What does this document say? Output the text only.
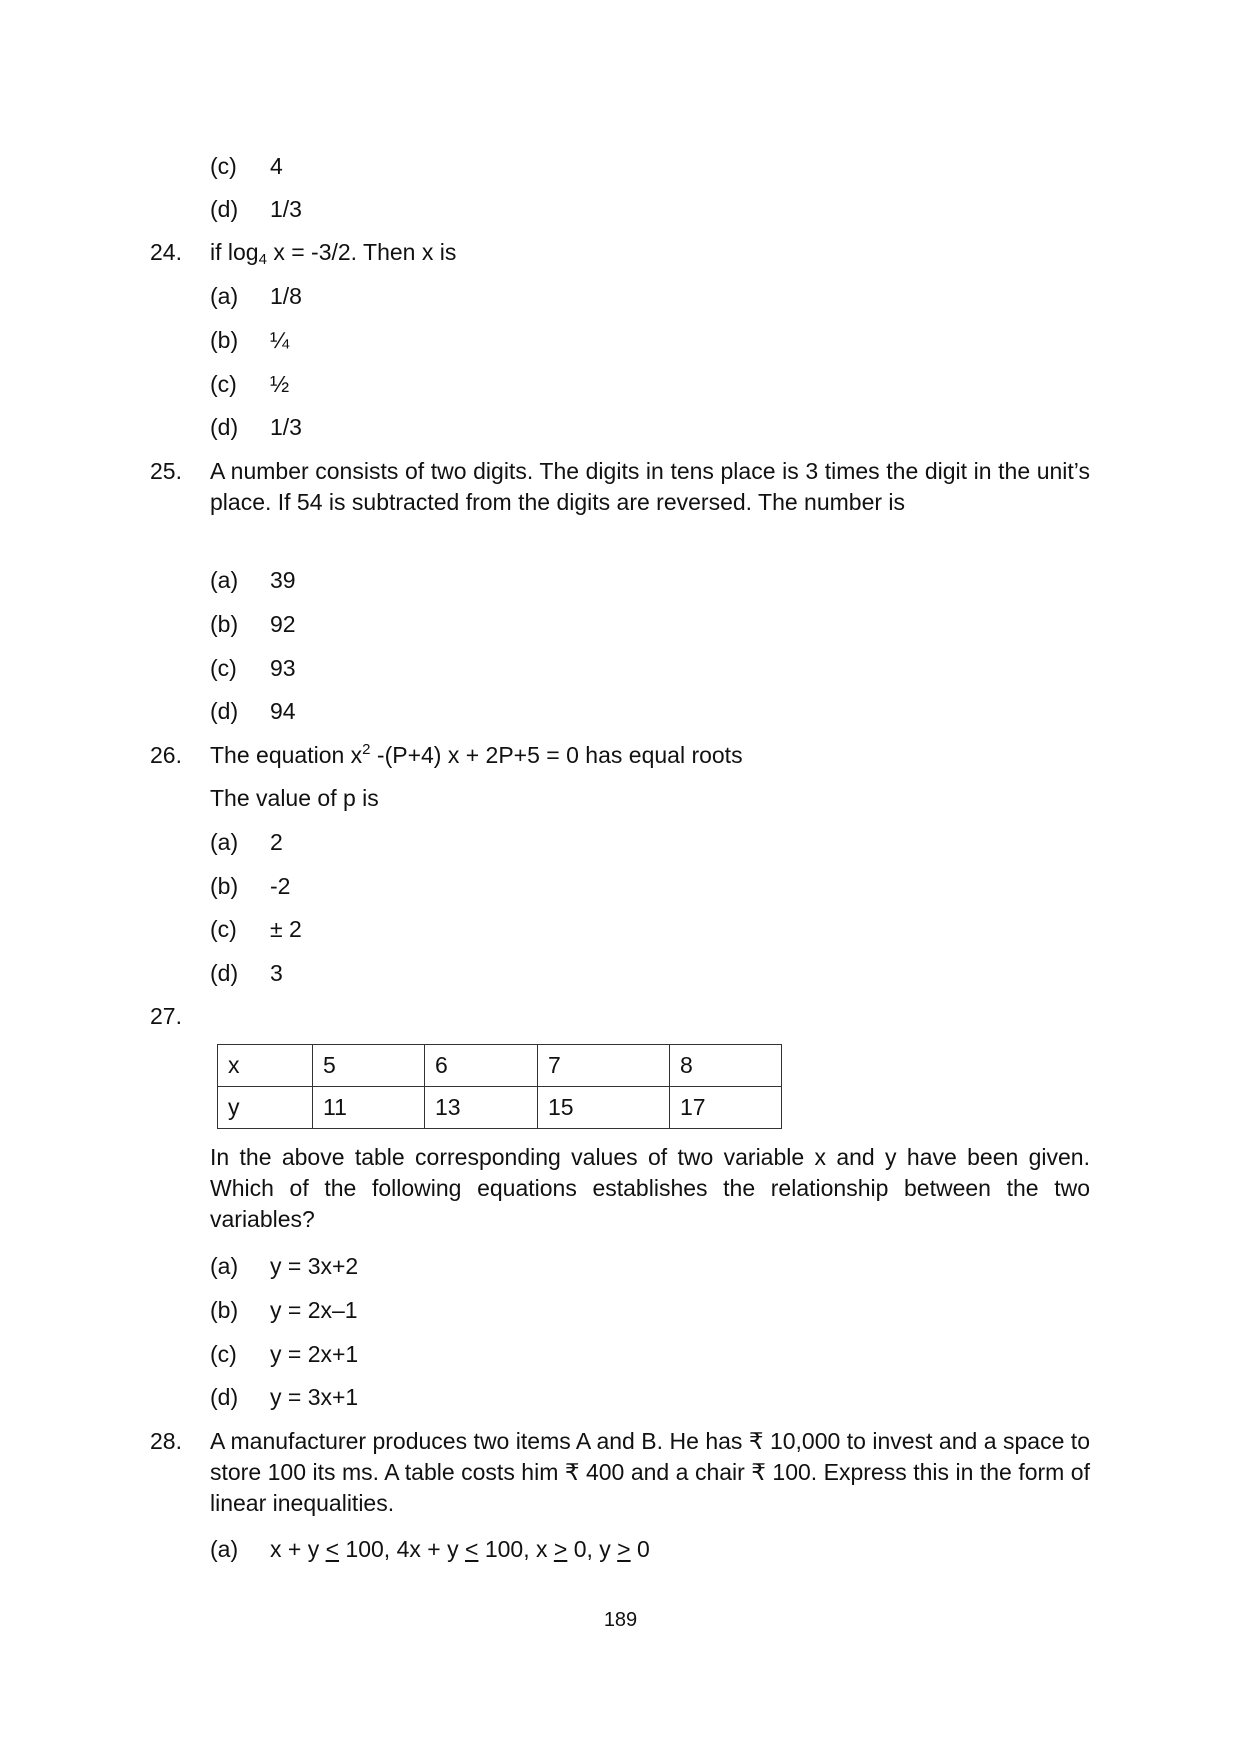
(c) 4
(d) 1/3
24.	if log4 x = -3/2. Then x is
(a) 1/8
(b) ¼
(c) ½
(d) 1/3
25.	A number consists of two digits. The digits in tens place is 3 times the digit in the unit’s place. If 54 is subtracted from the digits are reversed. The number is
(a) 39
(b) 92
(c) 93
(d) 94
26.	The equation $x^2$ -(P+4) x + 2P+5 = 0 has equal roots
The value of p is
(a) 2
(b) -2
(c) ± 2
(d) 3
27.
x	5	6	7	8
y	11	13	15	17
In the above table corresponding values of two variable x and y have been given. Which of the following equations establishes the relationship between the two variables?
(a) y = 3x+2
(b) y = 2x–1
(c) y = 2x+1
(d) y = 3x+1
28.	A manufacturer produces two items A and B. He has ₹ 10,000 to invest and a space to store 100 its ms. A table costs him ₹ 400 and a chair ₹ 100. Express this in the form of linear inequalities.
(a) x + y < 100, 4x + y < 100, x > 0, y > 0
189
